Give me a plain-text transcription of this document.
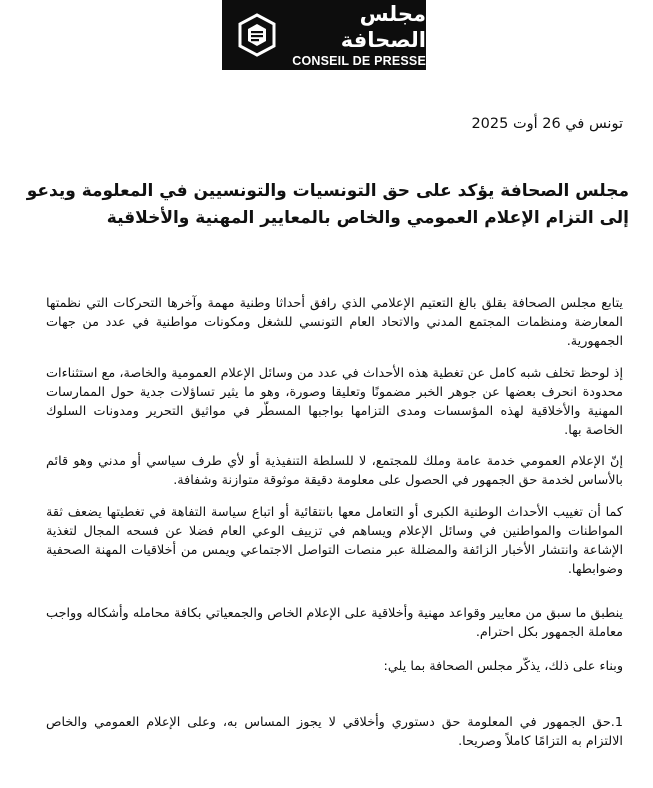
مجلس الصحافة
CONSEIL DE PRESSE
تونس في 26 أوت 2025
مجلس الصحافة يؤكد على حق التونسيات والتونسيين في المعلومة ويدعو إلى التزام الإعلام العمومي والخاص بالمعايير المهنية والأخلاقية

يتابع مجلس الصحافة بقلق بالغ التعتيم الإعلامي الذي رافق أحداثا وطنية مهمة وآخرها التحركات التي نظمتها المعارضة ومنظمات المجتمع المدني والاتحاد العام التونسي للشغل ومكونات مواطنية في عدد من جهات الجمهورية.

إذ لوحظ تخلف شبه كامل عن تغطية هذه الأحداث في عدد من وسائل الإعلام العمومية والخاصة، مع استثناءات محدودة انحرف بعضها عن جوهر الخبر مضمونًا وتعليقا وصورة، وهو ما يثير تساؤلات جدية حول الممارسات المهنية والأخلاقية لهذه المؤسسات ومدى التزامها بواجبها المسطّر في مواثيق التحرير ومدونات السلوك الخاصة بها.

إنّ الإعلام العمومي خدمة عامة وملك للمجتمع، لا للسلطة التنفيذية أو لأي طرف سياسي أو مدني وهو قائم بالأساس لخدمة حق الجمهور في الحصول على معلومة دقيقة موثوقة متوازنة وشفافة.

كما أن تغييب الأحداث الوطنية الكبرى أو التعامل معها بانتقائية أو اتباع سياسة التفاهة في تغطيتها يضعف ثقة المواطنات والمواطنين في وسائل الإعلام ويساهم في تزييف الوعي العام فضلا عن فسحه المجال لتغذية الإشاعة وانتشار الأخبار الزائفة والمضللة عبر منصات التواصل الاجتماعي ويمس من أخلاقيات المهنة الصحفية وضوابطها.

ينطبق ما سبق من معايير وقواعد مهنية وأخلاقية على الإعلام الخاص والجمعياتي بكافة محامله وأشكاله وواجب معاملة الجمهور بكل احترام.

وبناء على ذلك، يذكّر مجلس الصحافة بما يلي:

1.حق الجمهور في المعلومة حق دستوري وأخلاقي لا يجوز المساس به، وعلى الإعلام العمومي والخاص الالتزام به التزامًا كاملاً وصريحا.
